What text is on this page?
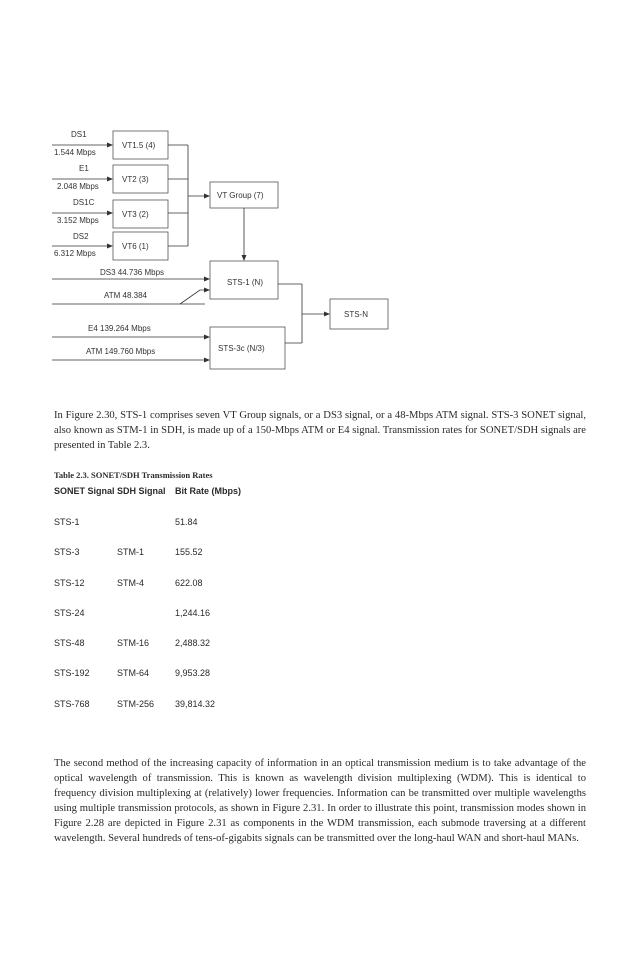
VT1.5 (4)
VT2 (3)
VT3 (2)
VT6 (1)
DS1
1.544 Mbps
E1
2.048 Mbps
DS1C
3.152 Mbps
DS2
6.312 Mbps
VT Group (7)
STS-1 (N)
DS3 44.736 Mbps
ATM 48.384
STS-3c (N/3)
E4 139.264 Mbps
ATM 149.760 Mbps
STS-N

In Figure 2.30, STS-1 comprises seven VT Group signals, or a DS3 signal, or a 48-Mbps ATM signal. STS-3 SONET signal, also known as STM-1 in SDH, is made up of a 150-Mbps ATM or E4 signal. Transmission rates for SONET/SDH signals are presented in Table 2.3.

Table 2.3. SONET/SDH Transmission Rates

SONET Signal	SDH Signal	Bit Rate (Mbps)
STS-1		51.84
STS-3	STM-1	155.52
STS-12	STM-4	622.08
STS-24		1,244.16
STS-48	STM-16	2,488.32
STS-192	STM-64	9,953.28
STS-768	STM-256	39,814.32

The second method of the increasing capacity of information in an optical transmission medium is to take advantage of the optical wavelength of transmission. This is known as wavelength division multiplexing (WDM). This is identical to frequency division multiplexing at (relatively) lower frequencies. Information can be transmitted over multiple wavelengths using multiple transmission protocols, as shown in Figure 2.31. In order to illustrate this point, transmission modes shown in Figure 2.28 are depicted in Figure 2.31 as components in the WDM transmission, each submode traversing at a different wavelength. Several hundreds of tens-of-gigabits signals can be transmitted over the long-haul WAN and short-haul MANs.
